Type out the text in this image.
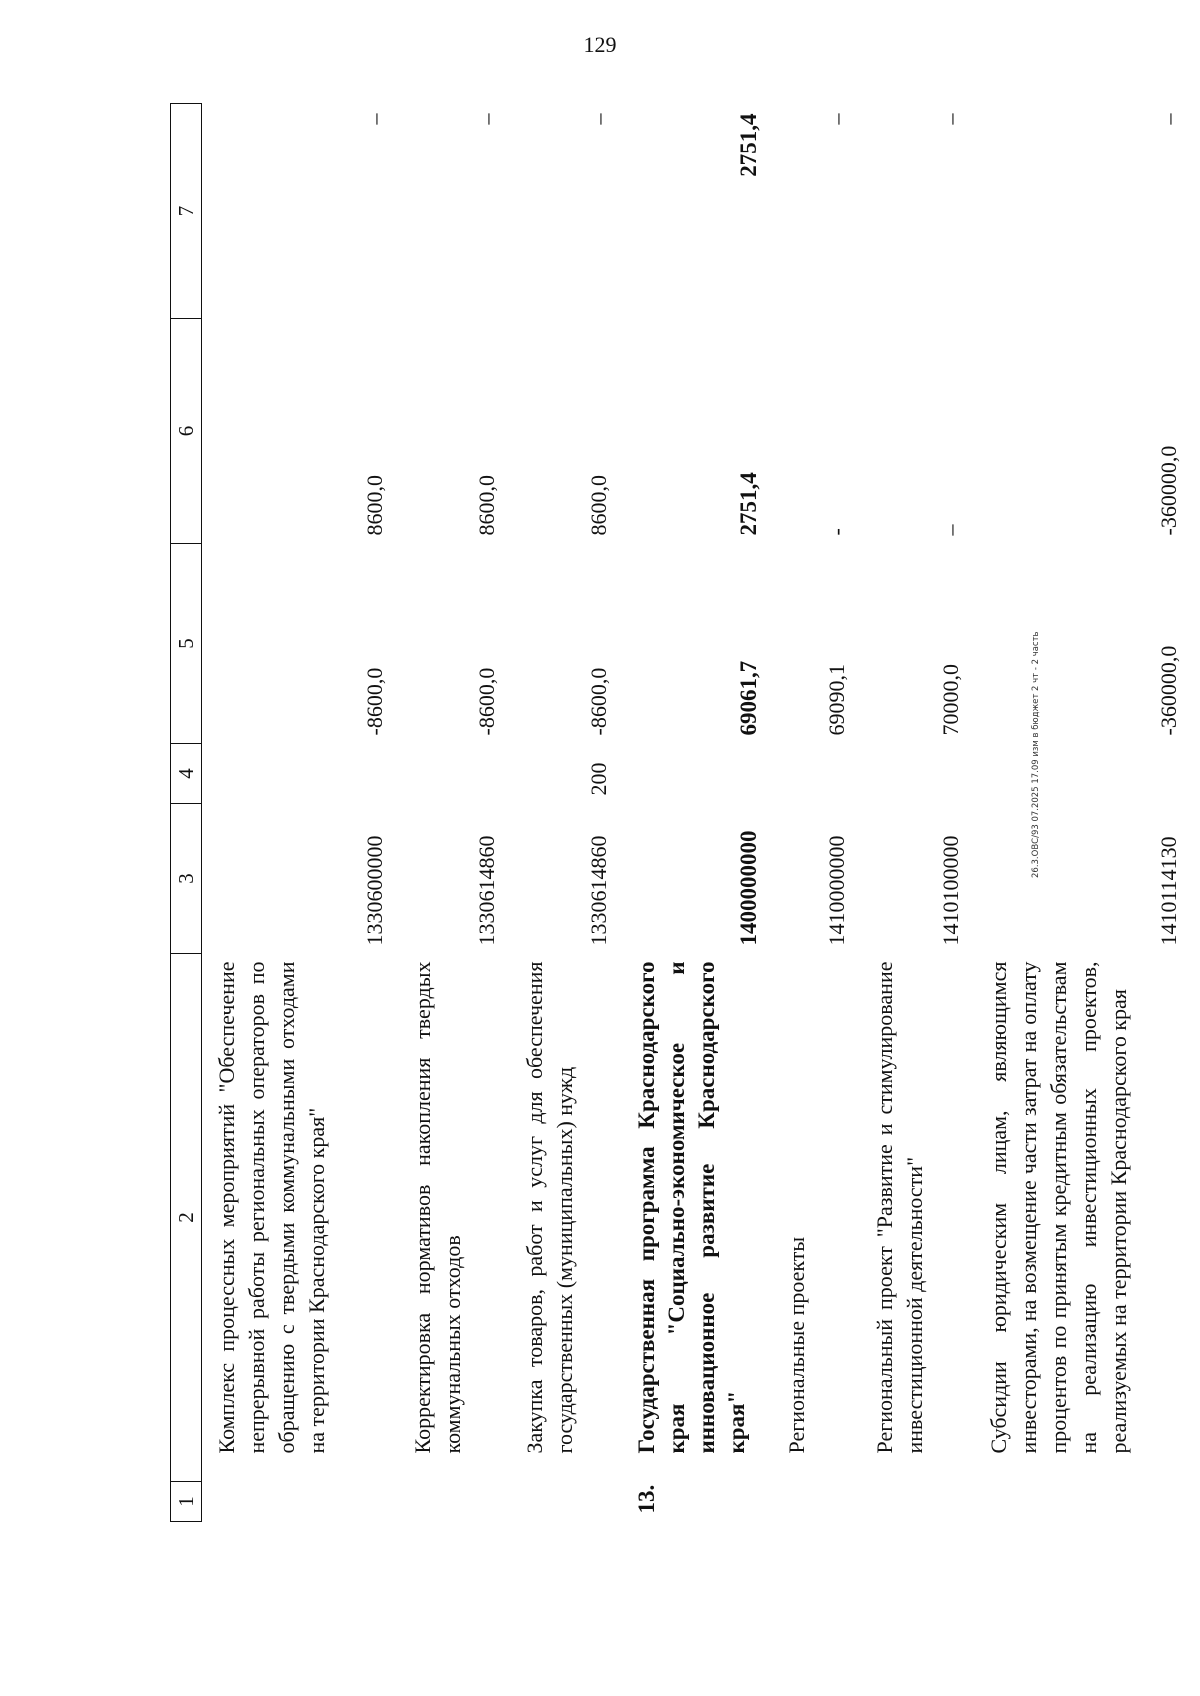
129
26.3.ОВС/93 07.2025 17.09 изм в бюджет 2 чт - 2 часть
1	2	3	4	5	6	7
	Комплекс процессных мероприятий "Обеспечение непрерывной работы региональных операторов по обращению с твердыми коммунальными отходами на территории Краснодарского края"	1330600000		-8600,0	8600,0	–
	Корректировка нормативов накопления твердых коммунальных отходов	1330614860		-8600,0	8600,0	–
	Закупка товаров, работ и услуг для обеспечения государственных (муниципальных) нужд	1330614860	200	-8600,0	8600,0	–
13.	Государственная программа Краснодарского края "Социально-экономическое и инновационное развитие Краснодарского края"	1400000000		69061,7	2751,4	2751,4
	Региональные проекты	1410000000		69090,1	-	–
	Региональный проект "Развитие и стимулирование инвестиционной деятельности"	1410100000		70000,0	–	–
	Субсидии юридическим лицам, являющимся инвесторами, на возмещение части затрат на оплату процентов по принятым кредитным обязательствам на реализацию инвестиционных проектов, реализуемых на территории Краснодарского края	1410114130		-360000,0	-360000,0	–
